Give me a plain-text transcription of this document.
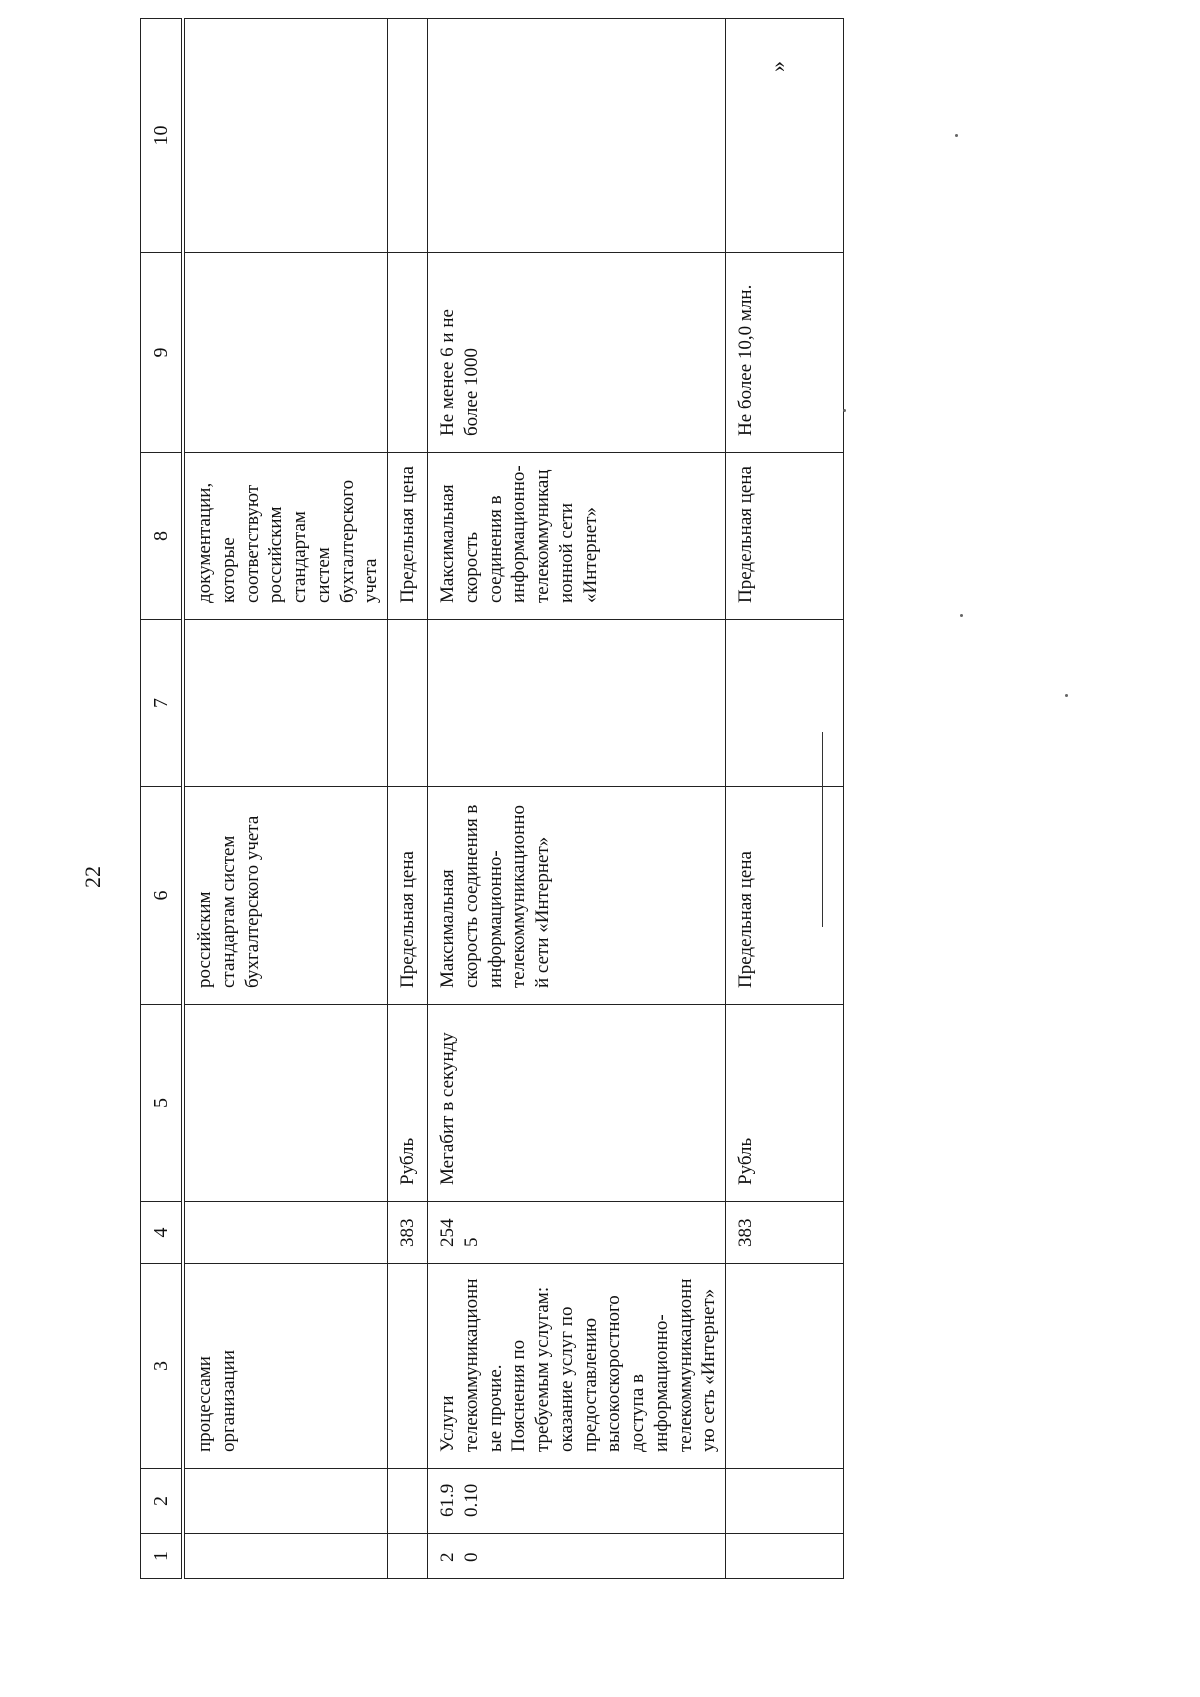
22
1	2	3	4	5	6	7	8	9	10
		процессами организации			российским стандартам систем бухгалтерского учета		документации, которые соответствуют российским стандартам систем бухгалтерского учета		
			383	Рубль	Предельная цена		Предельная цена		
20	61.90.10	Услуги телекоммуникационные прочие. Пояснения по требуемым услугам: оказание услуг по предоставлению высокоскоростного доступа в информационно-телекоммуникационную сеть «Интернет»	2545	Мегабит в секунду	Максимальная скорость соединения в информационно-телекоммуникационной сети «Интернет»		Максимальная скорость соединения в информационно-телекоммуникационной сети «Интернет»	Не менее 6 и не более 1000	
			383	Рубль	Предельная цена		Предельная цена	Не более 10,0 млн.	
»
